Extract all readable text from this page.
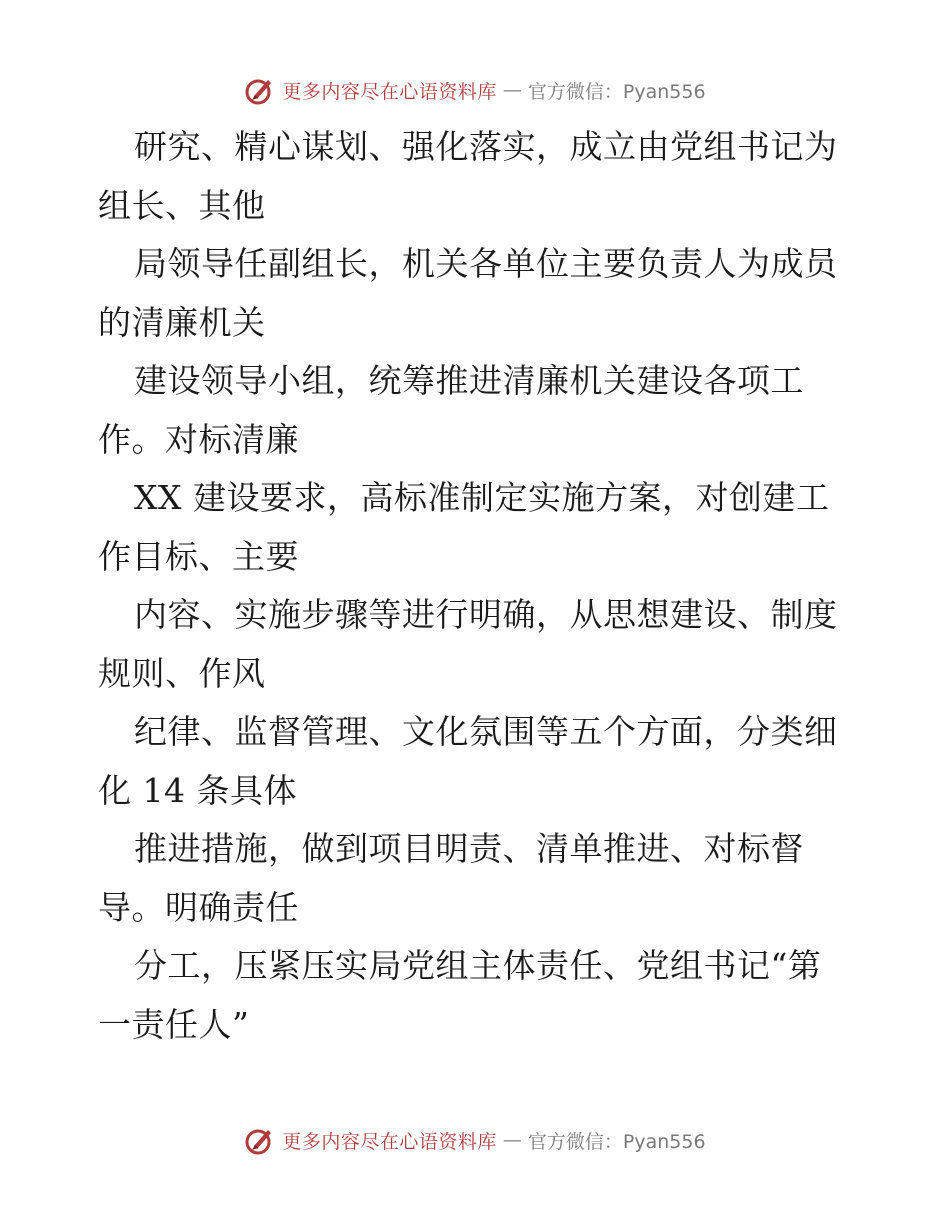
更多内容尽在心语资料库 — 官方微信：Pyan556
研究、精心谋划、强化落实，成立由党组书记为
组长、其他
局领导任副组长，机关各单位主要负责人为成员
的清廉机关
建设领导小组，统筹推进清廉机关建设各项工
作。对标清廉
XX 建设要求，高标准制定实施方案，对创建工
作目标、主要
内容、实施步骤等进行明确，从思想建设、制度
规则、作风
纪律、监督管理、文化氛围等五个方面，分类细
化 14 条具体
推进措施，做到项目明责、清单推进、对标督
导。明确责任
分工，压紧压实局党组主体责任、党组书记“第
一责任人”
更多内容尽在心语资料库 — 官方微信：Pyan556
